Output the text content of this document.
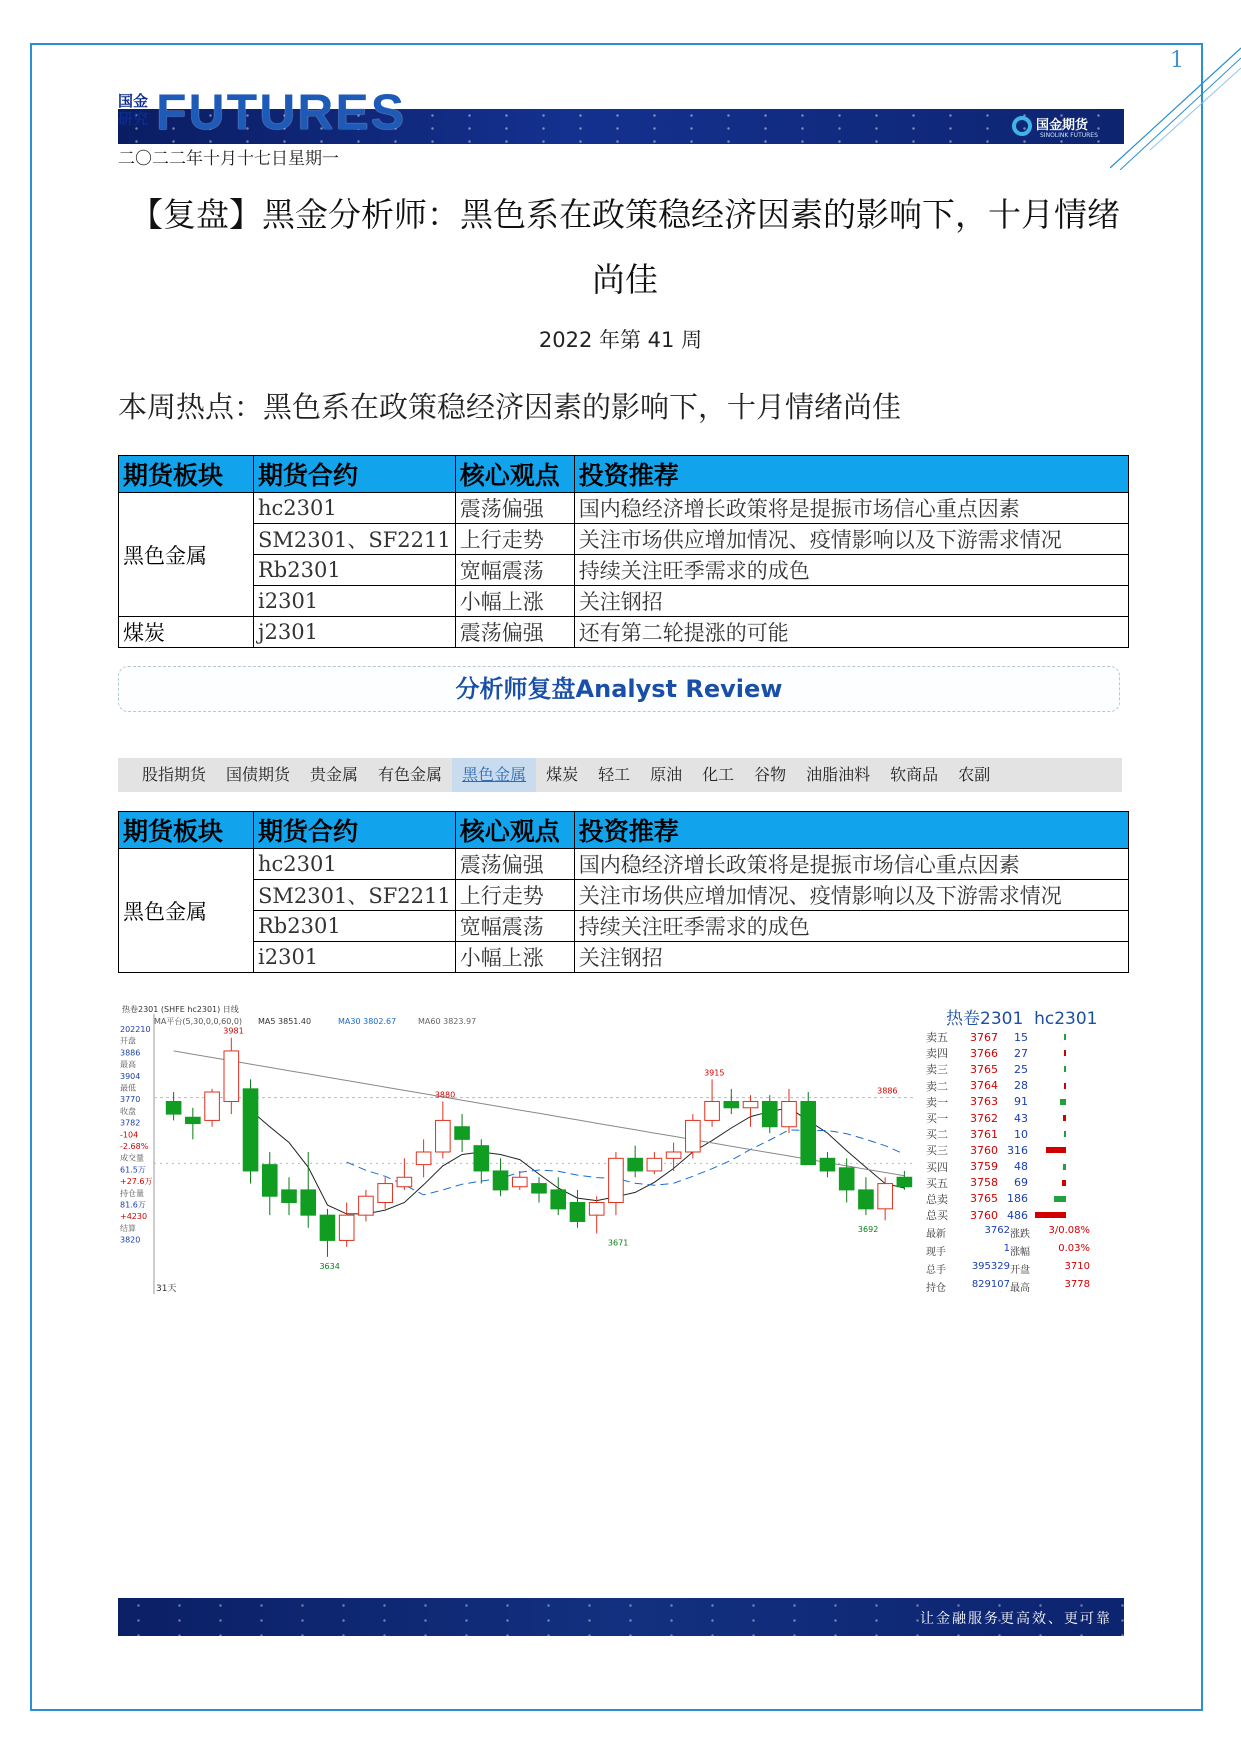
1
国金研究 FUTURES	国金期货
SINOLINK FUTURES
二〇二二年十月十七日星期一
【复盘】黑金分析师：黑色系在政策稳经济因素的影响下，十月情绪尚佳
2022 年第 41 周
本周热点：黑色系在政策稳经济因素的影响下，十月情绪尚佳
期货板块	期货合约	核心观点	投资推荐
黑色金属	hc2301	震荡偏强	国内稳经济增长政策将是提振市场信心重点因素
	SM2301、SF2211	上行走势	关注市场供应增加情况、疫情影响以及下游需求情况
	Rb2301	宽幅震荡	持续关注旺季需求的成色
	i2301	小幅上涨	关注钢招
煤炭	j2301	震荡偏强	还有第二轮提涨的可能
分析师复盘Analyst Review
股指期货	国债期货	贵金属	有色金属	黑色金属	煤炭	轻工	原油	化工	谷物	油脂油料	软商品	农副
期货板块	期货合约	核心观点	投资推荐
黑色金属	hc2301	震荡偏强	国内稳经济增长政策将是提振市场信心重点因素
	SM2301、SF2211	上行走势	关注市场供应增加情况、疫情影响以及下游需求情况
	Rb2301	宽幅震荡	持续关注旺季需求的成色
	i2301	小幅上涨	关注钢招
热卷2301 (SHFE hc2301) 日线
MA平台(5,30,0,0,60,0) MA5 3851.40	MA30 3802.67	MA60 3823.97
202210
开盘
3886
最高
3904
最低
3770
收盘
3782
-104
-2.68%
成交量
61.5万
+27.6万
持仓量
81.6万
+4230
结算
3820
31天
3981
3880
3915
3634
3671
3692
3886
热卷2301 hc2301
卖五	3767	15
卖四	3766	27
卖三	3765	25
卖二	3764	28
卖一	3763	91
买一	3762	43
买二	3761	10
买三	3760 316
买四	3759	48
买五	3758	69
总卖	3765 186
总买	3760 486
最新	3762 涨跌	3/0.08%
现手	1 涨幅	0.03%
总手	395329 开盘	3710
持仓	829107 最高	3778
让金融服务更高效、更可靠
